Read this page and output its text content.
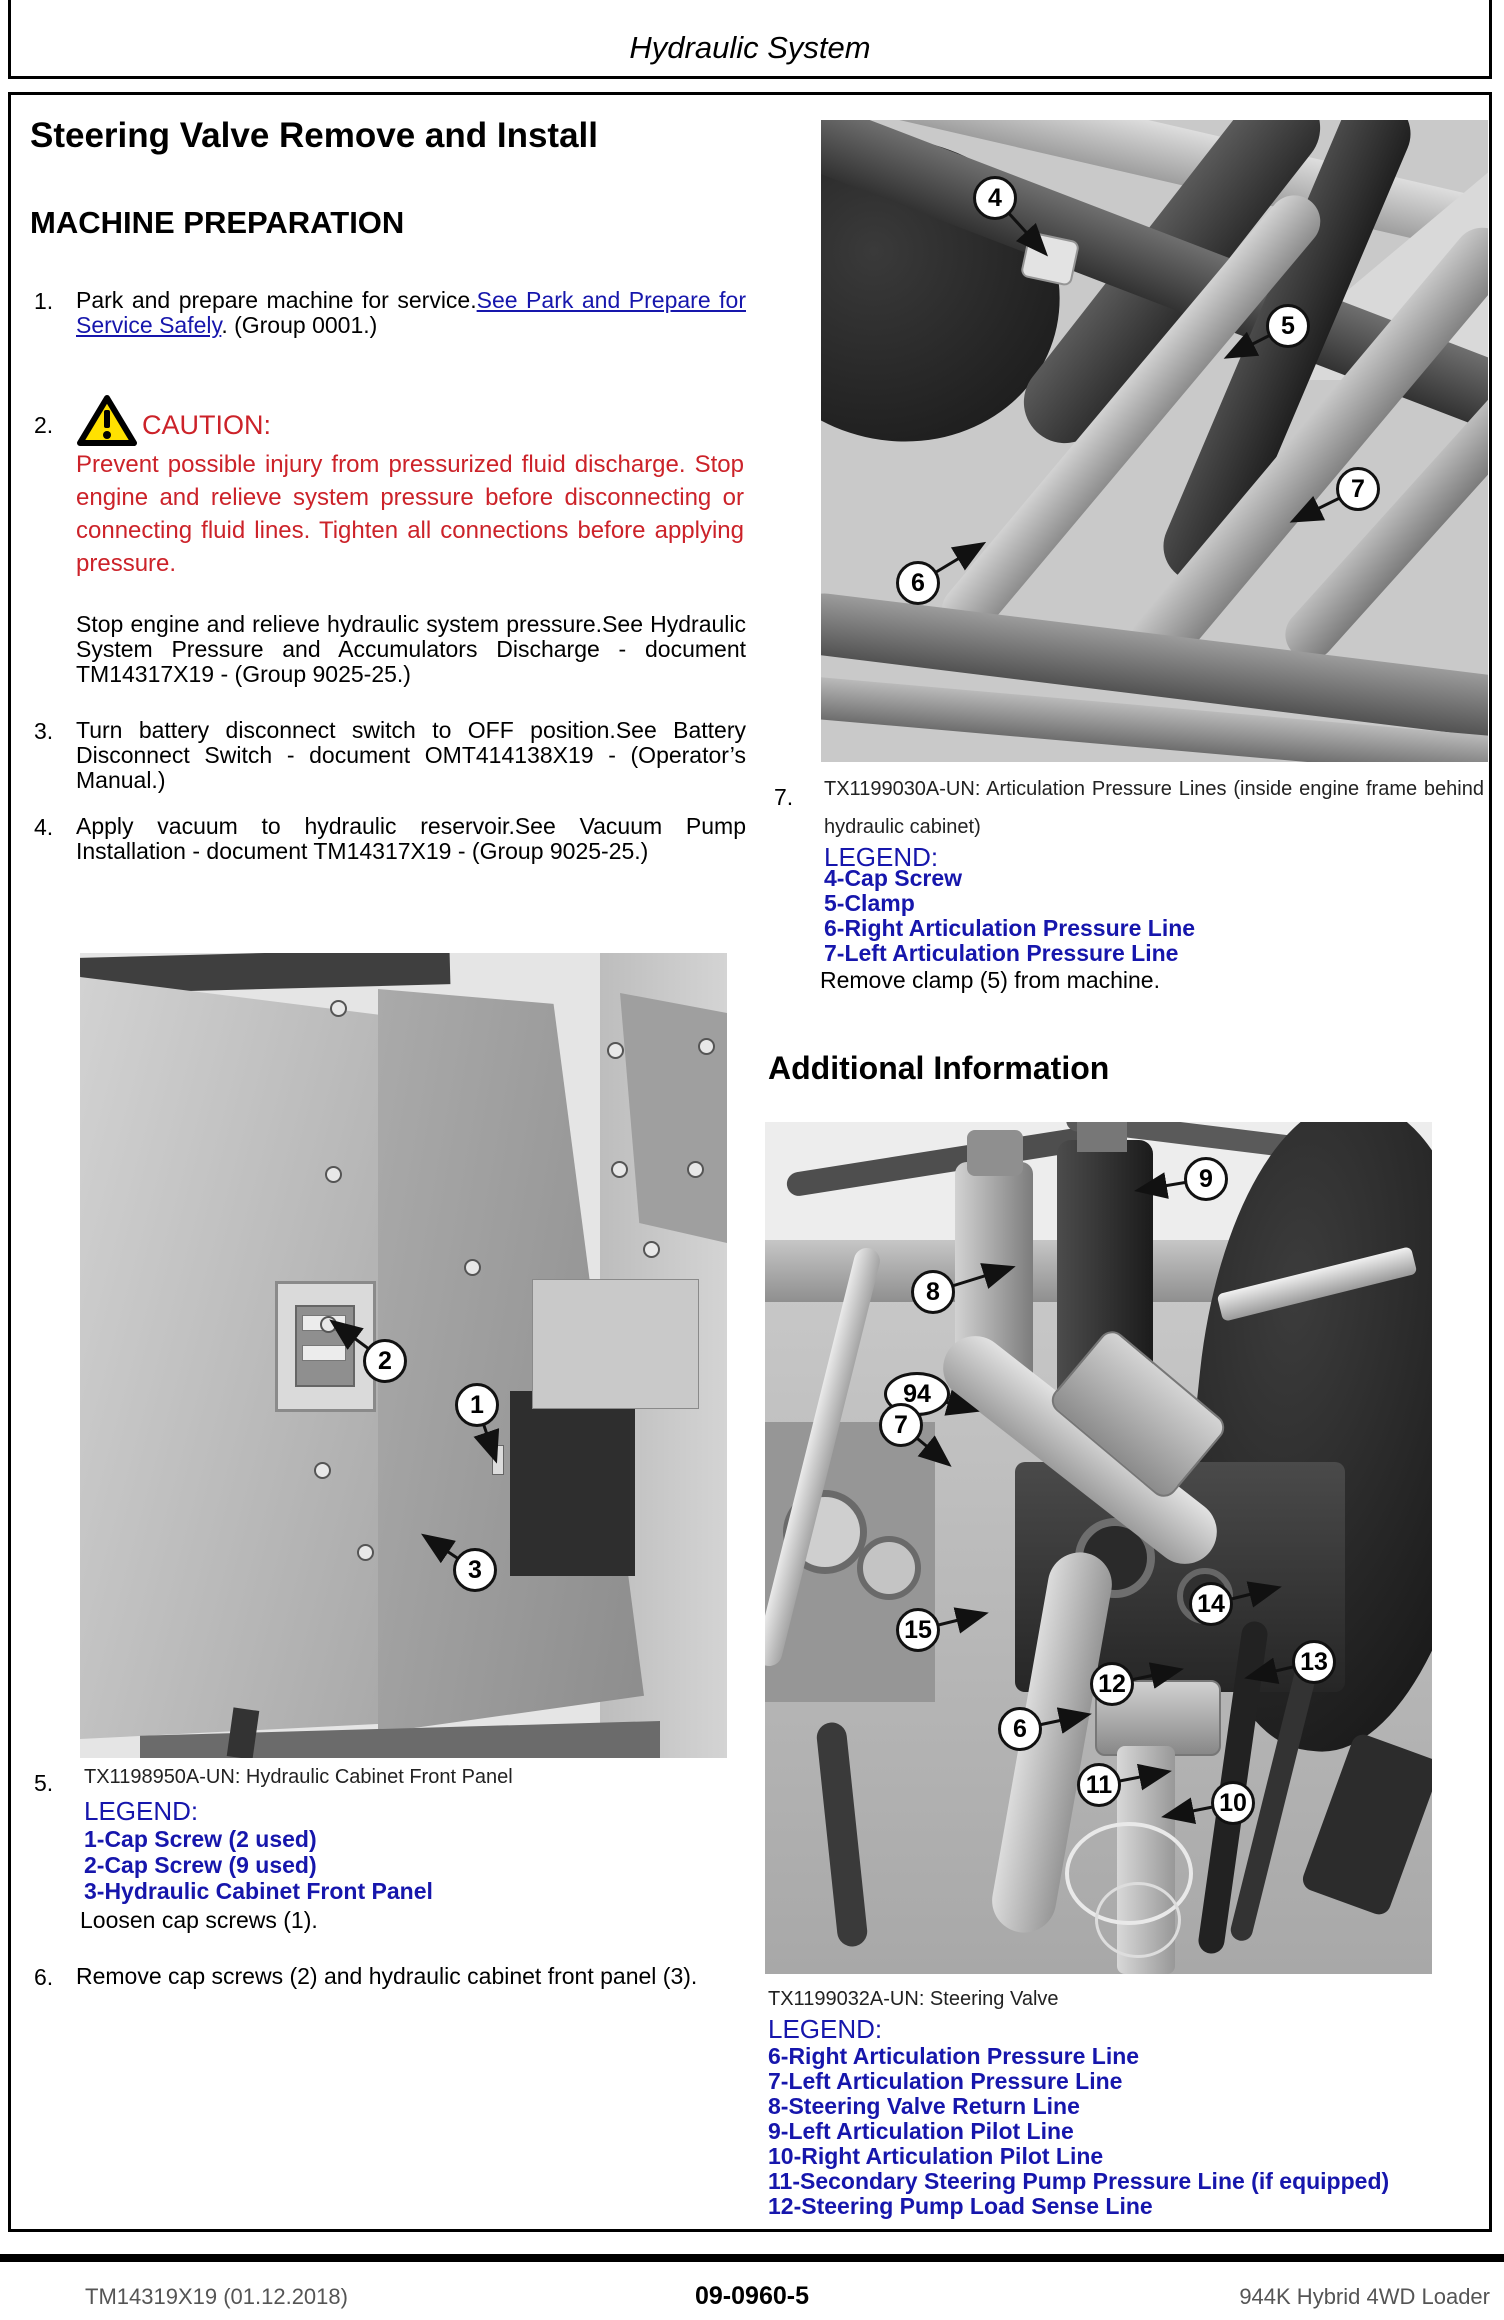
Hydraulic System
Steering Valve Remove and Install
MACHINE PREPARATION
1. Park and prepare machine for service.See Park and Prepare for Service Safely. (Group 0001.)
2.	CAUTION:
Prevent possible injury from pressurized fluid discharge. Stop engine and relieve system pressure before disconnecting or connecting fluid lines. Tighten all connections before applying pressure.
Stop engine and relieve hydraulic system pressure.See Hydraulic System Pressure and Accumulators Discharge - document TM14317X19 - (Group 9025-25.)
3. Turn battery disconnect switch to OFF position.See Battery Disconnect Switch - document OMT414138X19 - (Operator’s Manual.)
4. Apply vacuum to hydraulic reservoir.See Vacuum Pump Installation - document TM14317X19 - (Group 9025-25.)
4
5
6
7
7. TX1199030A-UN: Articulation Pressure Lines (inside engine frame behind hydraulic cabinet)
LEGEND:
4-Cap Screw
5-Clamp
6-Right Articulation Pressure Line
7-Left Articulation Pressure Line
Remove clamp (5) from machine.
Additional Information
2
1
3
5. TX1198950A-UN: Hydraulic Cabinet Front Panel
LEGEND:
1-Cap Screw (2 used)
2-Cap Screw (9 used)
3-Hydraulic Cabinet Front Panel
Loosen cap screws (1).
6. Remove cap screws (2) and hydraulic cabinet front panel (3).
9
8
94
7
15
14
13
12
6
11
10
TX1199032A-UN: Steering Valve
LEGEND:
6-Right Articulation Pressure Line
7-Left Articulation Pressure Line
8-Steering Valve Return Line
9-Left Articulation Pilot Line
10-Right Articulation Pilot Line
11-Secondary Steering Pump Pressure Line (if equipped)
12-Steering Pump Load Sense Line
TM14319X19 (01.12.2018)	09-0960-5	944K Hybrid 4WD Loader
